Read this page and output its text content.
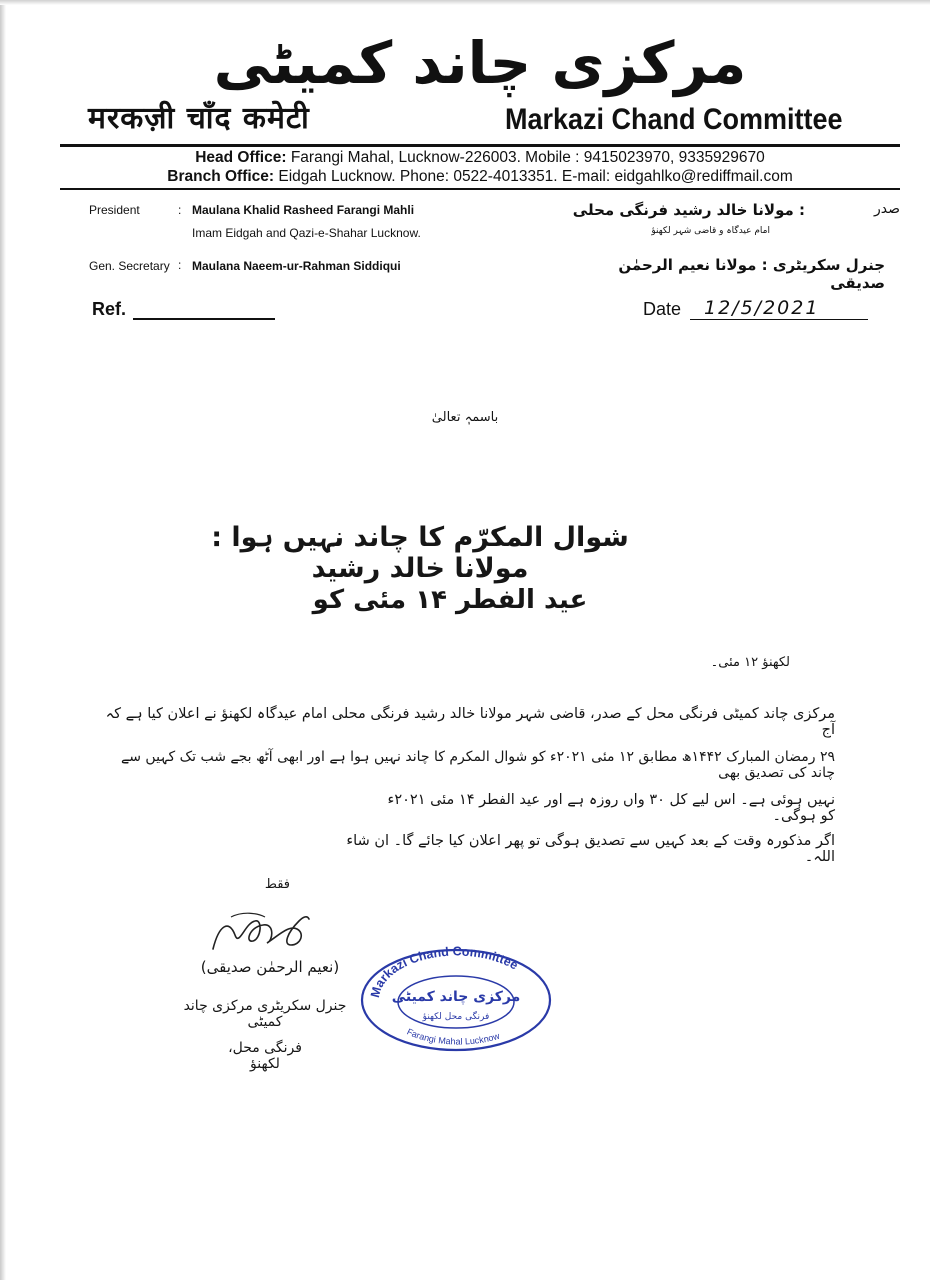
مرکزی چاند کمیٹی
मरकज़ी चाँद कमेटी	Markazi Chand Committee
Head Office: Farangi Mahal, Lucknow-226003. Mobile : 9415023970, 9335929670
Branch Office: Eidgah Lucknow. Phone: 0522-4013351. E-mail: eidgahlko@rediffmail.com
President	: Maulana Khalid Rasheed Farangi Mahli
Imam Eidgah and Qazi-e-Shahar Lucknow.
Gen. Secretary : Maulana Naeem-ur-Rahman Siddiqui
صدر
: مولانا خالد رشید فرنگی محلی
امام عیدگاہ و قاضی شہر لکھنؤ
جنرل سکریٹری : مولانا نعیم الرحمٰن صدیقی
Ref.	Date 12/5/2021
باسمہٖ تعالیٰ
شوال المکرّم کا چاند نہیں ہوا : مولانا خالد رشید
عید الفطر ۱۴ مئی کو
لکھنؤ ۱۲ مئی۔
مرکزی چاند کمیٹی فرنگی محل کے صدر، قاضی شہر مولانا خالد رشید فرنگی محلی امام عیدگاہ لکھنؤ نے اعلان کیا ہے کہ آج
۲۹ رمضان المبارک ۱۴۴۲ھ مطابق ۱۲ مئی ۲۰۲۱ء کو شوال المکرم کا چاند نہیں ہوا ہے اور ابھی آٹھ بجے شب تک کہیں سے چاند کی تصدیق بھی
نہیں ہوئی ہے۔ اس لیے کل ۳۰ واں روزہ ہے اور عید الفطر ۱۴ مئی ۲۰۲۱ء کو ہوگی۔
اگر مذکورہ وقت کے بعد کہیں سے تصدیق ہوگی تو پھر اعلان کیا جائے گا۔ ان شاء اللہ۔
فقط
(نعیم الرحمٰن صدیقی)
جنرل سکریٹری مرکزی چاند کمیٹی
فرنگی محل، لکھنؤ
Markazi Chand Committee
Farangi Mahal Lucknow
مرکزی چاند کمیٹی
فرنگی محل لکھنؤ
